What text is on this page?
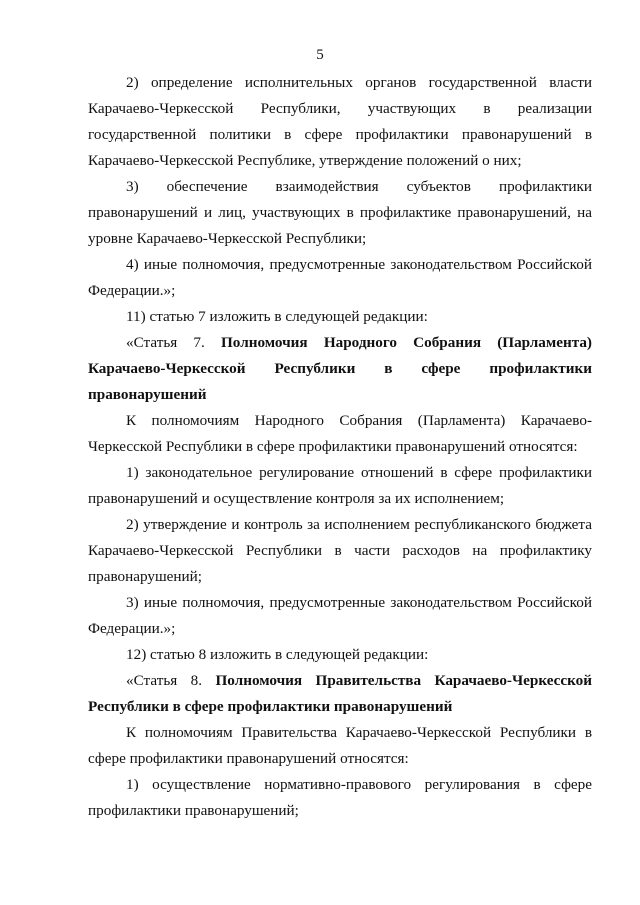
5

2) определение исполнительных органов государственной власти Карачаево-Черкесской Республики, участвующих в реализации государственной политики в сфере профилактики правонарушений в Карачаево-Черкесской Республике, утверждение положений о них;

3) обеспечение взаимодействия субъектов профилактики правонарушений и лиц, участвующих в профилактике правонарушений, на уровне Карачаево-Черкесской Республики;

4) иные полномочия, предусмотренные законодательством Российской Федерации.»;

11) статью 7 изложить в следующей редакции:

«Статья 7. Полномочия Народного Собрания (Парламента) Карачаево-Черкесской Республики в сфере профилактики правонарушений

К полномочиям Народного Собрания (Парламента) Карачаево-Черкесской Республики в сфере профилактики правонарушений относятся:

1) законодательное регулирование отношений в сфере профилактики правонарушений и осуществление контроля за их исполнением;

2) утверждение и контроль за исполнением республиканского бюджета Карачаево-Черкесской Республики в части расходов на профилактику правонарушений;

3) иные полномочия, предусмотренные законодательством Российской Федерации.»;

12) статью 8 изложить в следующей редакции:

«Статья 8. Полномочия Правительства Карачаево-Черкесской Республики в сфере профилактики правонарушений

К полномочиям Правительства Карачаево-Черкесской Республики в сфере профилактики правонарушений относятся:

1) осуществление нормативно-правового регулирования в сфере профилактики правонарушений;
